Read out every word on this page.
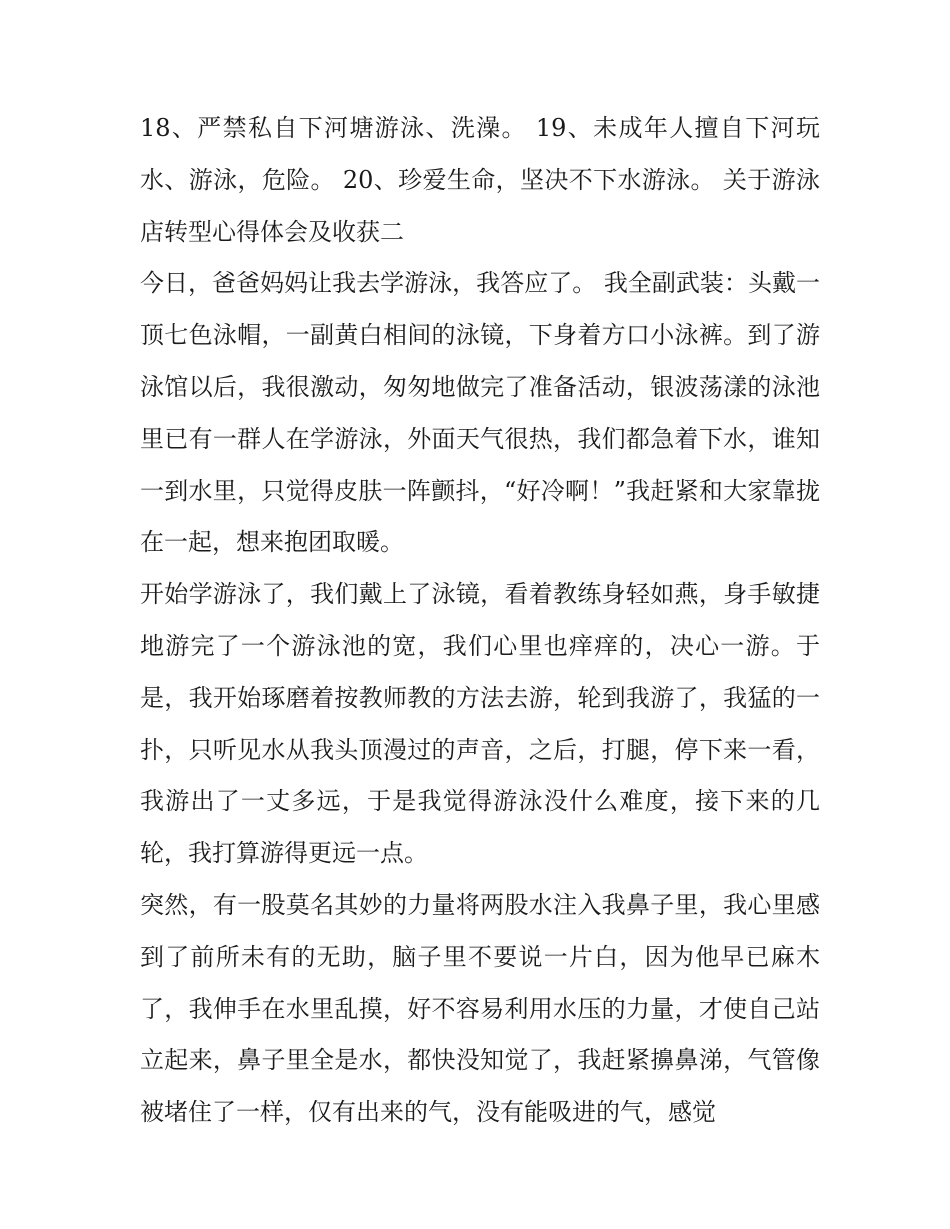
18、严禁私自下河塘游泳、洗澡。 19、未成年人擅自下河玩水、游泳，危险。 20、珍爱生命，坚决不下水游泳。 关于游泳店转型心得体会及收获二

今日，爸爸妈妈让我去学游泳，我答应了。 我全副武装：头戴一顶七色泳帽，一副黄白相间的泳镜，下身着方口小泳裤。到了游泳馆以后，我很激动，匆匆地做完了准备活动，银波荡漾的泳池里已有一群人在学游泳，外面天气很热，我们都急着下水，谁知一到水里，只觉得皮肤一阵颤抖，“好冷啊！”我赶紧和大家靠拢在一起，想来抱团取暖。

开始学游泳了，我们戴上了泳镜，看着教练身轻如燕，身手敏捷地游完了一个游泳池的宽，我们心里也痒痒的，决心一游。于是，我开始琢磨着按教师教的方法去游，轮到我游了，我猛的一扑，只听见水从我头顶漫过的声音，之后，打腿，停下来一看，我游出了一丈多远，于是我觉得游泳没什么难度，接下来的几轮，我打算游得更远一点。

突然，有一股莫名其妙的力量将两股水注入我鼻子里，我心里感到了前所未有的无助，脑子里不要说一片白，因为他早已麻木了，我伸手在水里乱摸，好不容易利用水压的力量，才使自己站立起来，鼻子里全是水，都快没知觉了，我赶紧擤鼻涕，气管像被堵住了一样，仅有出来的气，没有能吸进的气，感觉
